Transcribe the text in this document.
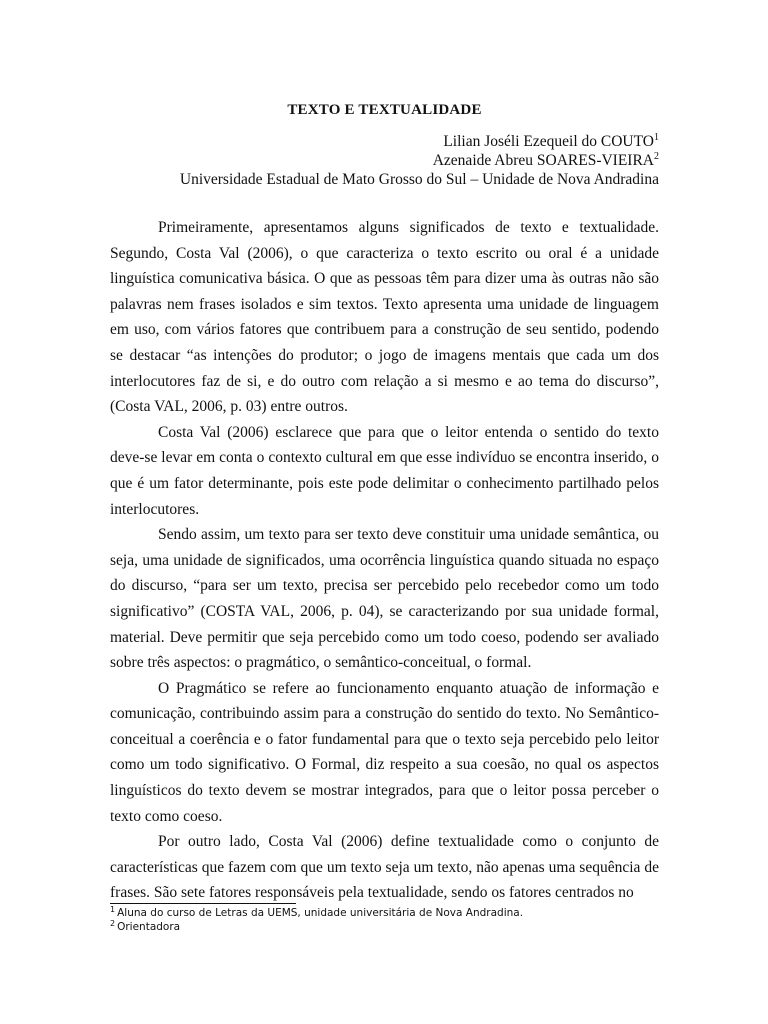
TEXTO E TEXTUALIDADE
Lilian Joséli Ezequeil do COUTO$^1$
Azenaide Abreu SOARES-VIEIRA$^2$
Universidade Estadual de Mato Grosso do Sul – Unidade de Nova Andradina

Primeiramente, apresentamos alguns significados de texto e textualidade. Segundo, Costa Val (2006), o que caracteriza o texto escrito ou oral é a unidade linguística comunicativa básica. O que as pessoas têm para dizer uma às outras não são palavras nem frases isolados e sim textos. Texto apresenta uma unidade de linguagem em uso, com vários fatores que contribuem para a construção de seu sentido, podendo se destacar “as intenções do produtor; o jogo de imagens mentais que cada um dos interlocutores faz de si, e do outro com relação a si mesmo e ao tema do discurso”, (Costa VAL, 2006, p. 03) entre outros.

Costa Val (2006) esclarece que para que o leitor entenda o sentido do texto deve-se levar em conta o contexto cultural em que esse indivíduo se encontra inserido, o que é um fator determinante, pois este pode delimitar o conhecimento partilhado pelos interlocutores.

Sendo assim, um texto para ser texto deve constituir uma unidade semântica, ou seja, uma unidade de significados, uma ocorrência linguística quando situada no espaço do discurso, “para ser um texto, precisa ser percebido pelo recebedor como um todo significativo” (COSTA VAL, 2006, p. 04), se caracterizando por sua unidade formal, material. Deve permitir que seja percebido como um todo coeso, podendo ser avaliado sobre três aspectos: o pragmático, o semântico-conceitual, o formal.

O Pragmático se refere ao funcionamento enquanto atuação de informação e comunicação, contribuindo assim para a construção do sentido do texto. No Semântico-conceitual a coerência e o fator fundamental para que o texto seja percebido pelo leitor como um todo significativo. O Formal, diz respeito a sua coesão, no qual os aspectos linguísticos do texto devem se mostrar integrados, para que o leitor possa perceber o texto como coeso.

Por outro lado, Costa Val (2006) define textualidade como o conjunto de características que fazem com que um texto seja um texto, não apenas uma sequência de frases. São sete fatores responsáveis pela textualidade, sendo os fatores centrados no

$^1$ Aluna do curso de Letras da UEMS, unidade universitária de Nova Andradina.
$^2$ Orientadora
